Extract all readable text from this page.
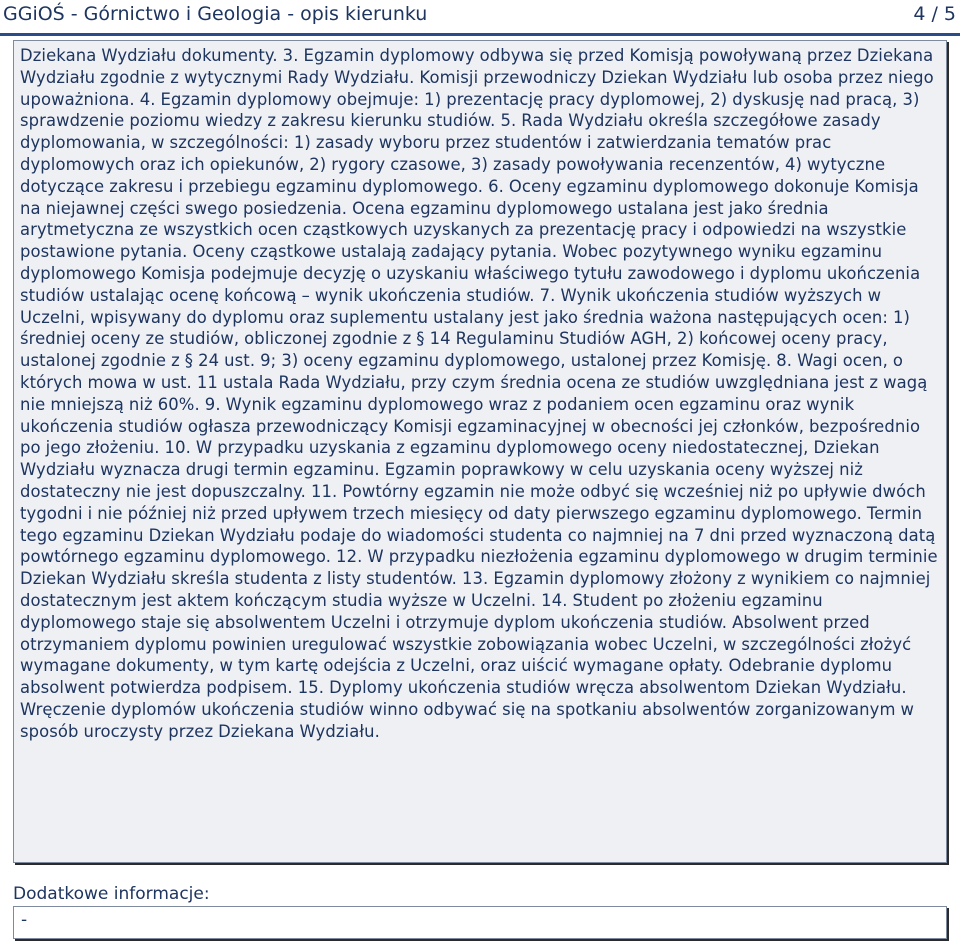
GGiOŚ - Górnictwo i Geologia - opis kierunku	4 / 5
Dziekana Wydziału dokumenty. 3. Egzamin dyplomowy odbywa się przed Komisją powoływaną przez Dziekana Wydziału zgodnie z wytycznymi Rady Wydziału. Komisji przewodniczy Dziekan Wydziału lub osoba przez niego upoważniona. 4. Egzamin dyplomowy obejmuje: 1) prezentację pracy dyplomowej, 2) dyskusję nad pracą, 3) sprawdzenie poziomu wiedzy z zakresu kierunku studiów. 5. Rada Wydziału określa szczegółowe zasady dyplomowania, w szczególności: 1) zasady wyboru przez studentów i zatwierdzania tematów prac dyplomowych oraz ich opiekunów, 2) rygory czasowe, 3) zasady powoływania recenzentów, 4) wytyczne dotyczące zakresu i przebiegu egzaminu dyplomowego. 6. Oceny egzaminu dyplomowego dokonuje Komisja na niejawnej części swego posiedzenia. Ocena egzaminu dyplomowego ustalana jest jako średnia arytmetyczna ze wszystkich ocen cząstkowych uzyskanych za prezentację pracy i odpowiedzi na wszystkie postawione pytania. Oceny cząstkowe ustalają zadający pytania. Wobec pozytywnego wyniku egzaminu dyplomowego Komisja podejmuje decyzję o uzyskaniu właściwego tytułu zawodowego i dyplomu ukończenia studiów ustalając ocenę końcową – wynik ukończenia studiów. 7. Wynik ukończenia studiów wyższych w Uczelni, wpisywany do dyplomu oraz suplementu ustalany jest jako średnia ważona następujących ocen: 1) średniej oceny ze studiów, obliczonej zgodnie z § 14 Regulaminu Studiów AGH, 2) końcowej oceny pracy, ustalonej zgodnie z § 24 ust. 9; 3) oceny egzaminu dyplomowego, ustalonej przez Komisję. 8. Wagi ocen, o których mowa w ust. 11 ustala Rada Wydziału, przy czym średnia ocena ze studiów uwzględniana jest z wagą nie mniejszą niż 60%. 9. Wynik egzaminu dyplomowego wraz z podaniem ocen egzaminu oraz wynik ukończenia studiów ogłasza przewodniczący Komisji egzaminacyjnej w obecności jej członków, bezpośrednio po jego złożeniu. 10. W przypadku uzyskania z egzaminu dyplomowego oceny niedostatecznej, Dziekan Wydziału wyznacza drugi termin egzaminu. Egzamin poprawkowy w celu uzyskania oceny wyższej niż dostateczny nie jest dopuszczalny. 11. Powtórny egzamin nie może odbyć się wcześniej niż po upływie dwóch tygodni i nie później niż przed upływem trzech miesięcy od daty pierwszego egzaminu dyplomowego. Termin tego egzaminu Dziekan Wydziału podaje do wiadomości studenta co najmniej na 7 dni przed wyznaczoną datą powtórnego egzaminu dyplomowego. 12. W przypadku niezłożenia egzaminu dyplomowego w drugim terminie Dziekan Wydziału skreśla studenta z listy studentów. 13. Egzamin dyplomowy złożony z wynikiem co najmniej dostatecznym jest aktem kończącym studia wyższe w Uczelni. 14. Student po złożeniu egzaminu dyplomowego staje się absolwentem Uczelni i otrzymuje dyplom ukończenia studiów. Absolwent przed otrzymaniem dyplomu powinien uregulować wszystkie zobowiązania wobec Uczelni, w szczególności złożyć wymagane dokumenty, w tym kartę odejścia z Uczelni, oraz uiścić wymagane opłaty. Odebranie dyplomu absolwent potwierdza podpisem. 15. Dyplomy ukończenia studiów wręcza absolwentom Dziekan Wydziału. Wręczenie dyplomów ukończenia studiów winno odbywać się na spotkaniu absolwentów zorganizowanym w sposób uroczysty przez Dziekana Wydziału.
Dodatkowe informacje:
-
